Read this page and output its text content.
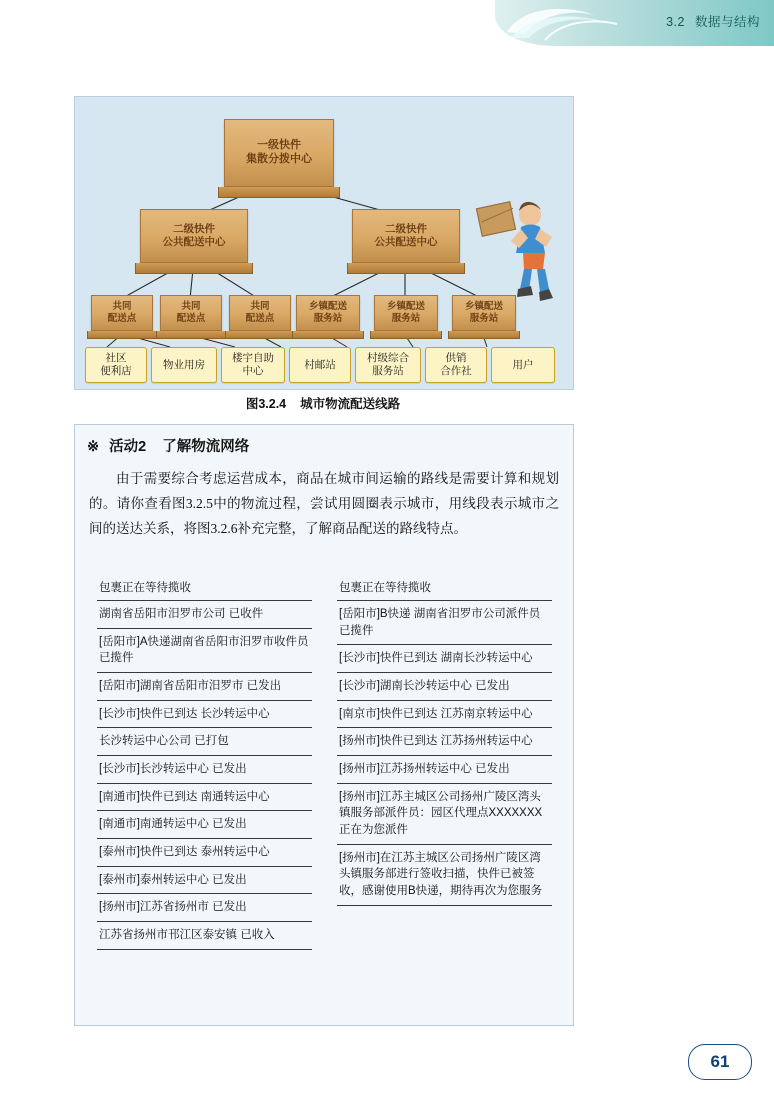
3.2 数据与结构
一级快件
集散分拨中心
二级快件
公共配送中心
二级快件
公共配送中心
共同
配送点
共同
配送点
共同
配送点
乡镇配送
服务站
乡镇配送
服务站
乡镇配送
服务站
社区
便利店
物业用房
楼宇自助
中心
村邮站
村级综合
服务站
供销
合作社
用户
图3.2.4 城市物流配送线路
※ 活动2 了解物流网络
由于需要综合考虑运营成本，商品在城市间运输的路线是需要计算和规划的。请你查看图3.2.5中的物流过程，尝试用圆圈表示城市，用线段表示城市之间的送达关系，将图3.2.6补充完整，了解商品配送的路线特点。
包裹正在等待揽收
湖南省岳阳市汨罗市公司 已收件
[岳阳市]A快递湖南省岳阳市汨罗市收件员已揽件
[岳阳市]湖南省岳阳市汨罗市 已发出
[长沙市]快件已到达 长沙转运中心
长沙转运中心公司 已打包
[长沙市]长沙转运中心 已发出
[南通市]快件已到达 南通转运中心
[南通市]南通转运中心 已发出
[泰州市]快件已到达 泰州转运中心
[泰州市]泰州转运中心 已发出
[扬州市]江苏省扬州市 已发出
江苏省扬州市邗江区泰安镇 已收入
包裹正在等待揽收
[岳阳市]B快递 湖南省汨罗市公司派件员 已揽件
[长沙市]快件已到达 湖南长沙转运中心
[长沙市]湖南长沙转运中心 已发出
[南京市]快件已到达 江苏南京转运中心
[扬州市]快件已到达 江苏扬州转运中心
[扬州市]江苏扬州转运中心 已发出
[扬州市]江苏主城区公司扬州广陵区湾头镇服务部派件员：园区代理点XXXXXXX正在为您派件
[扬州市]在江苏主城区公司扬州广陵区湾头镇服务部进行签收扫描，快件已被签收，感谢使用B快递，期待再次为您服务
61
